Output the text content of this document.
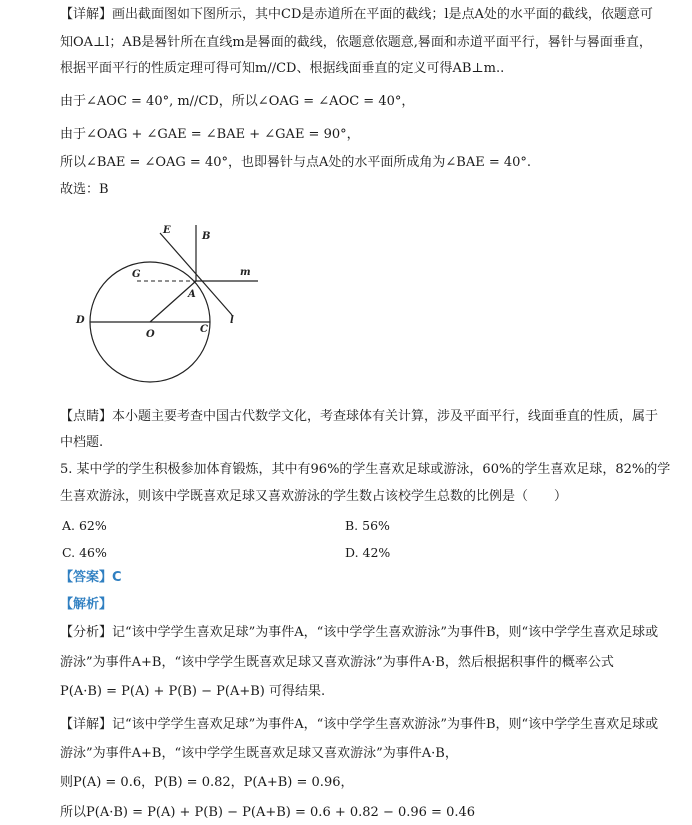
【详解】画出截面图如下图所示，其中CD是赤道所在平面的截线；l是点A处的水平面的截线，依题意可
知OA⊥l；AB是晷针所在直线m是晷面的截线，依题意依题意,晷面和赤道平面平行，晷针与晷面垂直，
根据平面平行的性质定理可得可知m//CD、根据线面垂直的定义可得AB⊥m..
由于∠AOC = 40°, m//CD，所以∠OAG = ∠AOC = 40°，
由于∠OAG + ∠GAE = ∠BAE + ∠GAE = 90°，
所以∠BAE = ∠OAG = 40°，也即晷针与点A处的水平面所成角为∠BAE = 40°.
故选：B
E
B
m
G
A
D
O	C
l
【点睛】本小题主要考查中国古代数学文化，考查球体有关计算，涉及平面平行，线面垂直的性质，属于
中档题.
5. 某中学的学生积极参加体育锻炼，其中有96%的学生喜欢足球或游泳，60%的学生喜欢足球，82%的学
生喜欢游泳，则该中学既喜欢足球又喜欢游泳的学生数占该校学生总数的比例是（　　）
A. 62%	B. 56%
C. 46%	D. 42%
【答案】C
【解析】
【分析】记“该中学学生喜欢足球”为事件A，“该中学学生喜欢游泳”为事件B，则“该中学学生喜欢足球或
游泳”为事件A+B，“该中学学生既喜欢足球又喜欢游泳”为事件A·B，然后根据积事件的概率公式
P(A·B) = P(A) + P(B) − P(A+B) 可得结果.
【详解】记“该中学学生喜欢足球”为事件A，“该中学学生喜欢游泳”为事件B，则“该中学学生喜欢足球或
游泳”为事件A+B，“该中学学生既喜欢足球又喜欢游泳”为事件A·B，
则P(A) = 0.6，P(B) = 0.82，P(A+B) = 0.96，
所以P(A·B) = P(A) + P(B) − P(A+B) = 0.6 + 0.82 − 0.96 = 0.46
